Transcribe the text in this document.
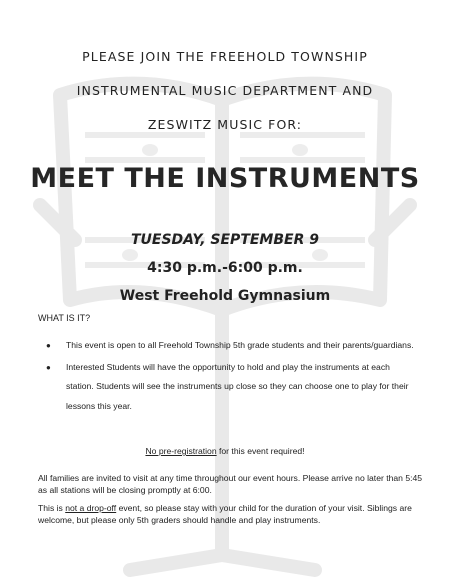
PLEASE JOIN THE FREEHOLD TOWNSHIP
INSTRUMENTAL MUSIC DEPARTMENT AND
ZESWITZ MUSIC FOR:
MEET THE INSTRUMENTS
TUESDAY, SEPTEMBER 9
4:30 p.m.-6:00 p.m.
West Freehold Gymnasium
WHAT IS IT?
● This event is open to all Freehold Township 5th grade students and their parents/guardians.
● Interested Students will have the opportunity to hold and play the instruments at each station. Students will see the instruments up close so they can choose one to play for their lessons this year.
No pre-registration for this event required!
All families are invited to visit at any time throughout our event hours. Please arrive no later than 5:45 as all stations will be closing promptly at 6:00.
This is not a drop-off event, so please stay with your child for the duration of your visit. Siblings are welcome, but please only 5th graders should handle and play instruments.
